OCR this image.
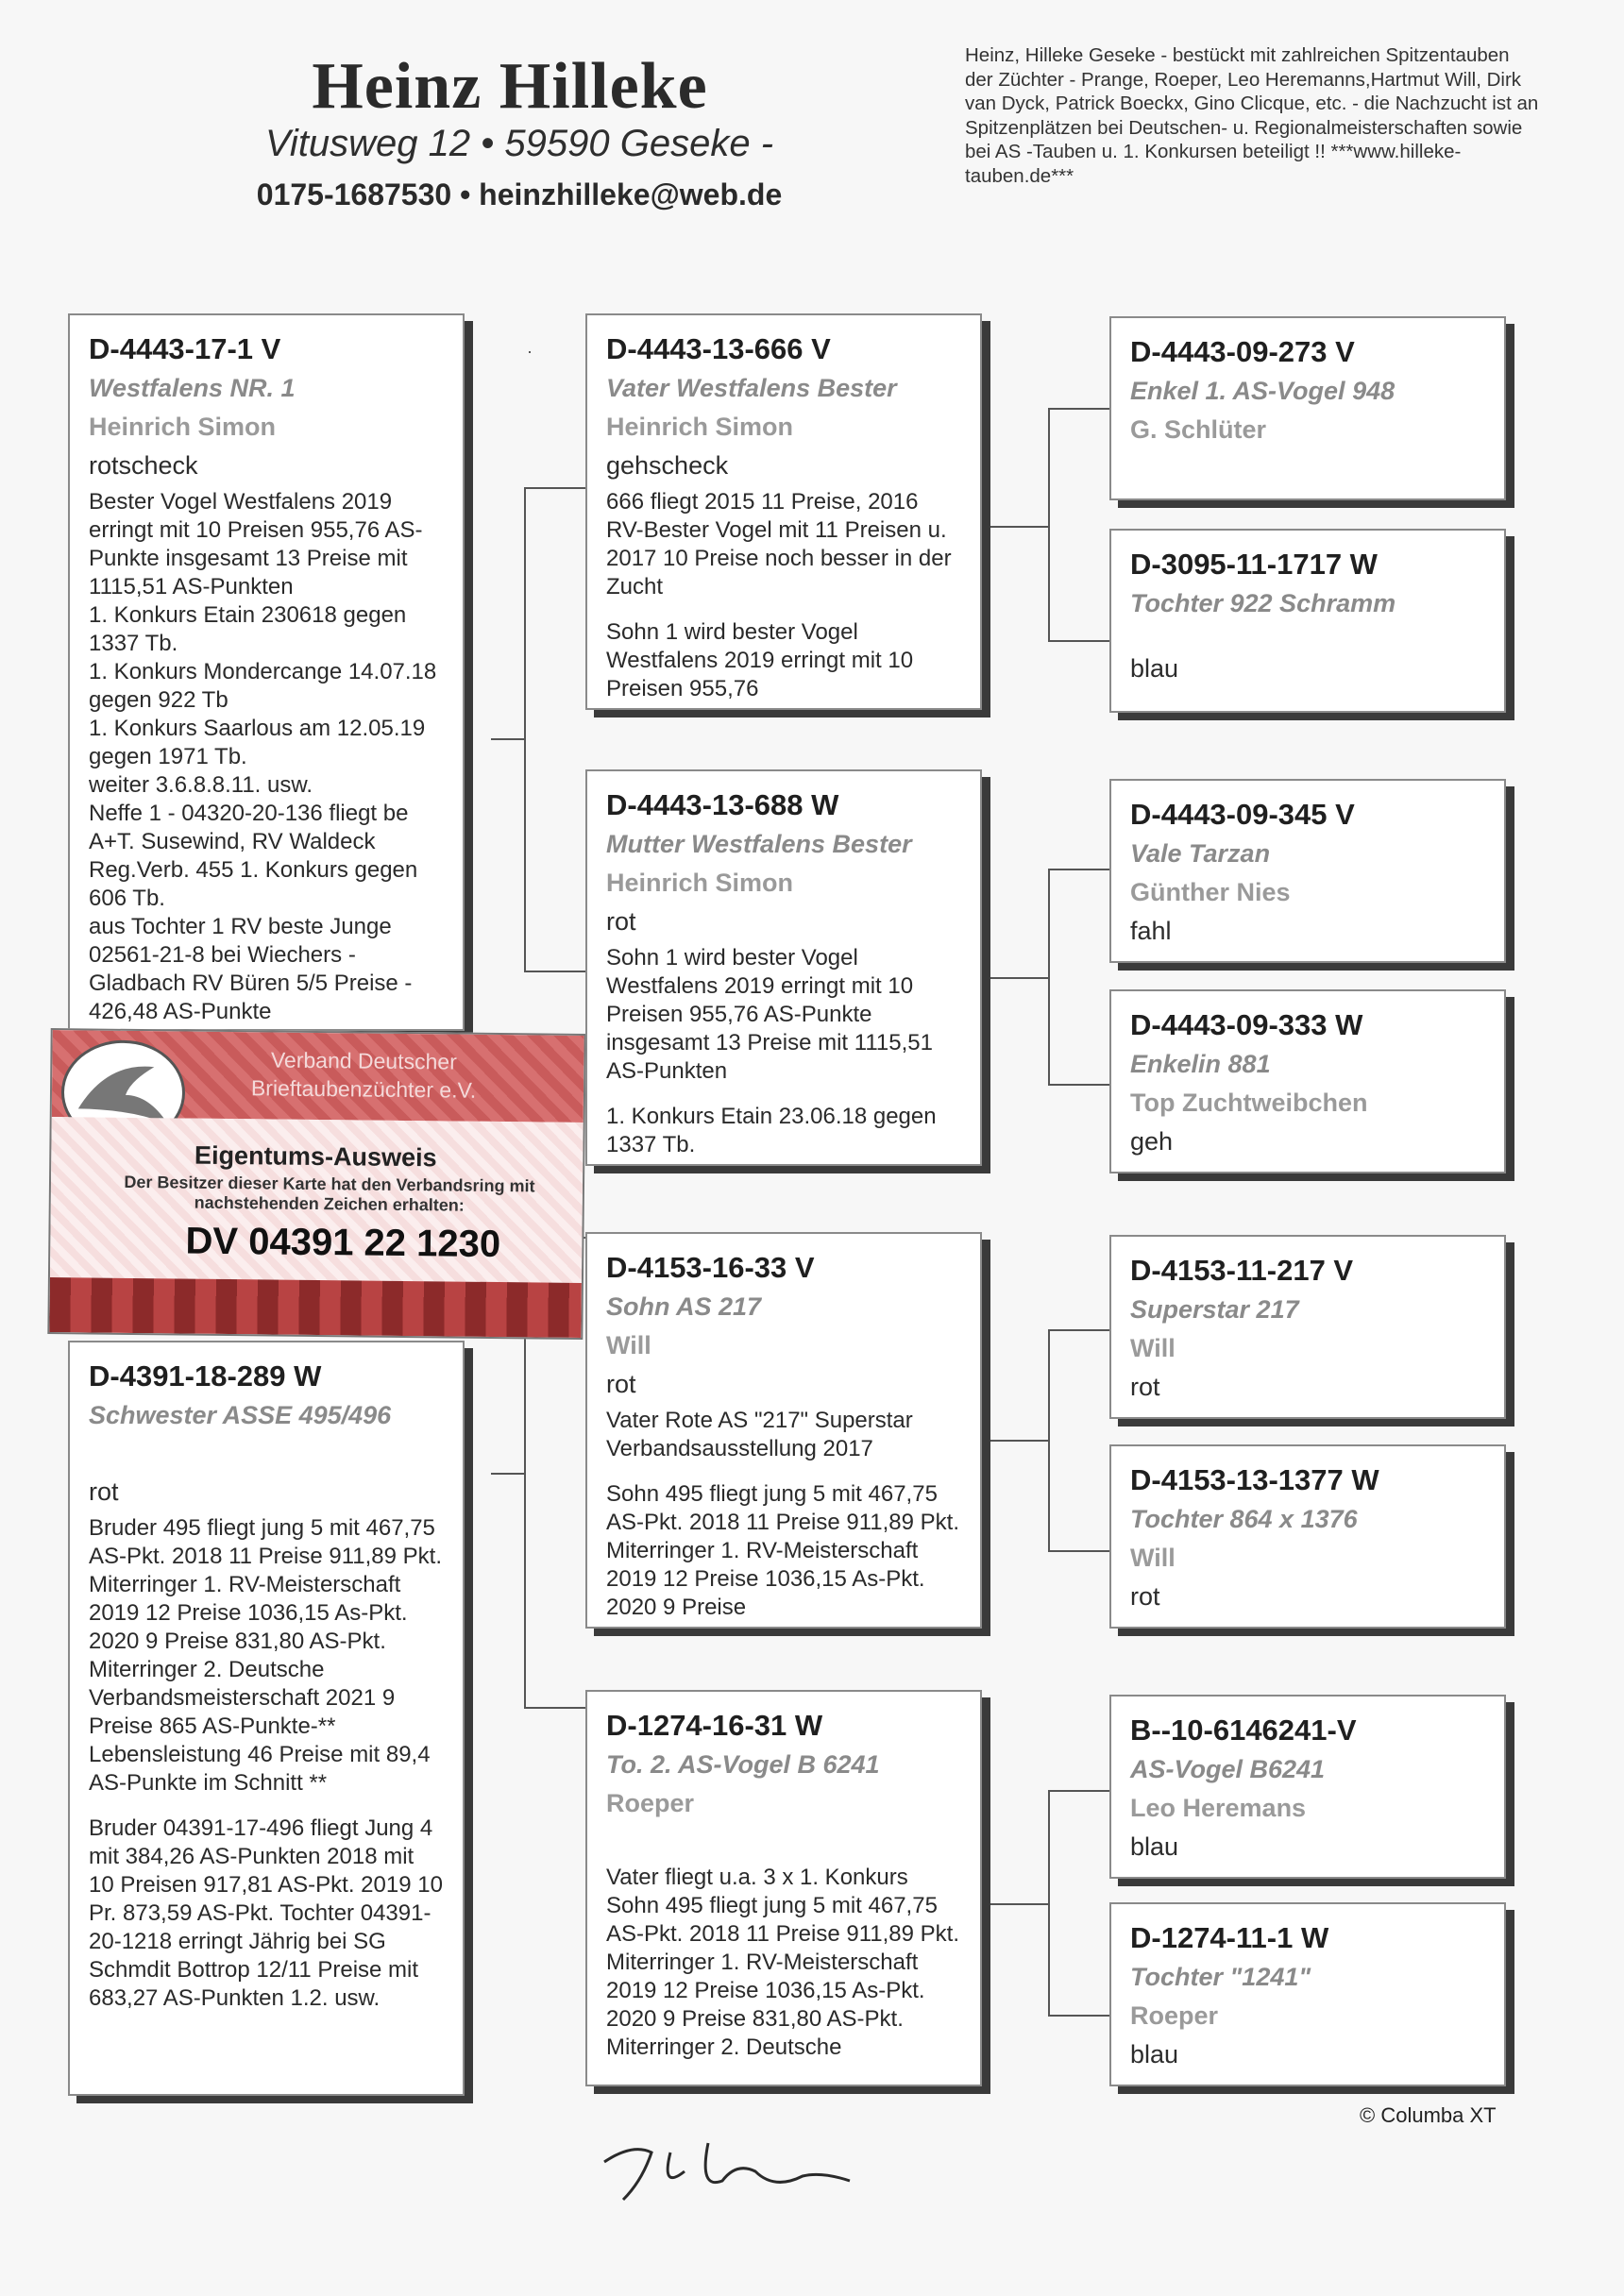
Heinz Hilleke
Vitusweg 12 • 59590 Geseke -
0175-1687530 • heinzhilleke@web.de
Heinz, Hilleke Geseke - bestückt mit zahlreichen Spitzentauben der Züchter - Prange, Roeper, Leo Heremanns,Hartmut Will, Dirk van Dyck, Patrick Boeckx, Gino Clicque, etc. - die Nachzucht ist an Spitzenplätzen bei Deutschen- u. Regionalmeisterschaften sowie bei AS -Tauben u. 1. Konkursen beteiligt !! ***www.hilleke-tauben.de***
D-4443-17-1 V
Westfalens NR. 1
Heinrich Simon
rotscheck
Bester Vogel Westfalens 2019 erringt mit 10 Preisen 955,76 AS-Punkte insgesamt 13 Preise mit 1115,51 AS-Punkten
1. Konkurs Etain 230618 gegen 1337 Tb.
1. Konkurs Mondercange 14.07.18 gegen 922 Tb
1. Konkurs Saarlous am 12.05.19 gegen 1971 Tb.
weiter 3.6.8.8.11. usw.
Neffe 1 - 04320-20-136 fliegt be A+T. Susewind, RV Waldeck Reg.Verb. 455 1. Konkurs gegen 606 Tb.
aus Tochter 1 RV beste Junge 02561-21-8 bei Wiechers - Gladbach RV Büren 5/5 Preise - 426,48 AS-Punkte
D-4391-18-289 W
Schwester ASSE 495/496
rot

Bruder 495 fliegt jung 5 mit 467,75 AS-Pkt. 2018 11 Preise 911,89 Pkt. Miterringer 1. RV-Meisterschaft 2019 12 Preise 1036,15 As-Pkt. 2020 9 Preise 831,80 AS-Pkt. Miterringer 2. Deutsche Verbandsmeisterschaft 2021 9 Preise 865 AS-Punkte-** Lebensleistung 46 Preise mit 89,4 AS-Punkte im Schnitt **

Bruder 04391-17-496 fliegt Jung 4 mit 384,26 AS-Punkten 2018 mit 10 Preisen 917,81 AS-Pkt. 2019 10 Pr. 873,59 AS-Pkt. Tochter 04391-20-1218 erringt Jährig bei SG Schmdit Bottrop 12/11 Preise mit 683,27 AS-Punkten 1.2. usw.

D-4443-13-666 V
Vater Westfalens Bester
Heinrich Simon
gehscheck

666 fliegt 2015 11 Preise, 2016 RV-Bester Vogel mit 11 Preisen u. 2017 10 Preise noch besser in der Zucht

Sohn 1 wird bester Vogel Westfalens 2019 erringt mit 10 Preisen 955,76

D-4443-13-688 W
Mutter Westfalens Bester
Heinrich Simon
rot

Sohn 1 wird bester Vogel Westfalens 2019 erringt mit 10 Preisen 955,76 AS-Punkte insgesamt 13 Preise mit 1115,51 AS-Punkten

1. Konkurs Etain 23.06.18 gegen 1337 Tb.

D-4153-16-33 V
Sohn AS 217
Will
rot

Vater Rote AS "217" Superstar Verbandsausstellung 2017

Sohn 495 fliegt jung 5 mit 467,75 AS-Pkt. 2018 11 Preise 911,89 Pkt. Miterringer 1. RV-Meisterschaft 2019 12 Preise 1036,15 As-Pkt. 2020 9 Preise

D-1274-16-31 W
To. 2. AS-Vogel B 6241
Roeper

Vater fliegt u.a. 3 x 1. Konkurs Sohn 495 fliegt jung 5 mit 467,75 AS-Pkt. 2018 11 Preise 911,89 Pkt. Miterringer 1. RV-Meisterschaft 2019 12 Preise 1036,15 As-Pkt. 2020 9 Preise 831,80 AS-Pkt. Miterringer 2. Deutsche

D-4443-09-273 V
Enkel 1. AS-Vogel 948
G. Schlüter
D-3095-11-1717 W
Tochter 922 Schramm
blau
D-4443-09-345 V
Vale Tarzan
Günther Nies
fahl
D-4443-09-333 W
Enkelin 881
Top Zuchtweibchen
geh
D-4153-11-217 V
Superstar 217
Will
rot
D-4153-13-1377 W
Tochter 864 x 1376
Will
rot
B--10-6146241-V
AS-Vogel B6241
Leo Heremans
blau
D-1274-11-1 W
Tochter "1241"
Roeper
blau
Verband Deutscher Brieftaubenzüchter e.V.
Eigentums-Ausweis
Der Besitzer dieser Karte hat den Verbandsring mit nachstehenden Zeichen erhalten:
DV 04391 22 1230
© Columba XT
